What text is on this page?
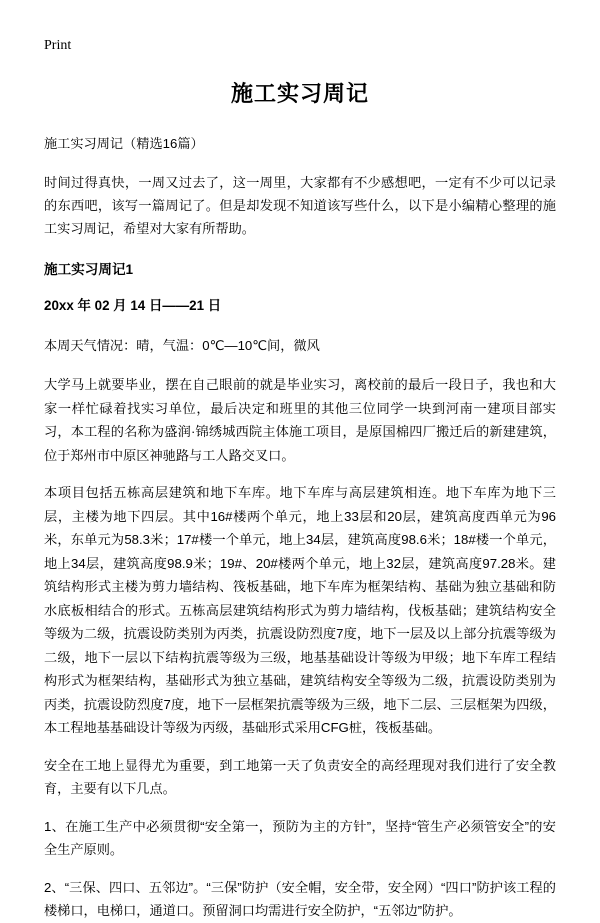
Print
施工实习周记

施工实习周记（精选16篇）

时间过得真快，一周又过去了，这一周里，大家都有不少感想吧，一定有不少可以记录的东西吧，该写一篇周记了。但是却发现不知道该写些什么，以下是小编精心整理的施工实习周记，希望对大家有所帮助。

施工实习周记1

20xx 年 02 月 14 日——21 日

本周天气情况：晴，气温：0℃—10℃间，微风

大学马上就要毕业，摆在自己眼前的就是毕业实习，离校前的最后一段日子，我也和大家一样忙碌着找实习单位，最后决定和班里的其他三位同学一块到河南一建项目部实习，本工程的名称为盛润·锦绣城西院主体施工项目，是原国棉四厂搬迁后的新建建筑，位于郑州市中原区神驰路与工人路交叉口。

本项目包括五栋高层建筑和地下车库。地下车库与高层建筑相连。地下车库为地下三层，主楼为地下四层。其中16#楼两个单元，地上33层和20层，建筑高度西单元为96米，东单元为58.3米；17#楼一个单元，地上34层，建筑高度98.6米；18#楼一个单元，地上34层，建筑高度98.9米；19#、20#楼两个单元，地上32层，建筑高度97.28米。建筑结构形式主楼为剪力墙结构、筏板基础，地下车库为框架结构、基础为独立基础和防水底板相结合的形式。五栋高层建筑结构形式为剪力墙结构，伐板基础；建筑结构安全等级为二级，抗震设防类别为丙类，抗震设防烈度7度，地下一层及以上部分抗震等级为二级，地下一层以下结构抗震等级为三级，地基基础设计等级为甲级；地下车库工程结构形式为框架结构，基础形式为独立基础，建筑结构安全等级为二级，抗震设防类别为丙类，抗震设防烈度7度，地下一层框架抗震等级为三级，地下二层、三层框架为四级，本工程地基基础设计等级为丙级，基础形式采用CFG桩，筏板基础。

安全在工地上显得尤为重要，到工地第一天了负责安全的高经理现对我们进行了安全教育，主要有以下几点。

1、在施工生产中必须贯彻“安全第一，预防为主的方针”，坚持“管生产必须管安全”的安全生产原则。

2、“三保、四口、五邻边”。“三保”防护（安全帽，安全带，安全网）“四口”防护该工程的楼梯口，电梯口，通道口。预留洞口均需进行安全防护，“五邻边”防护。
